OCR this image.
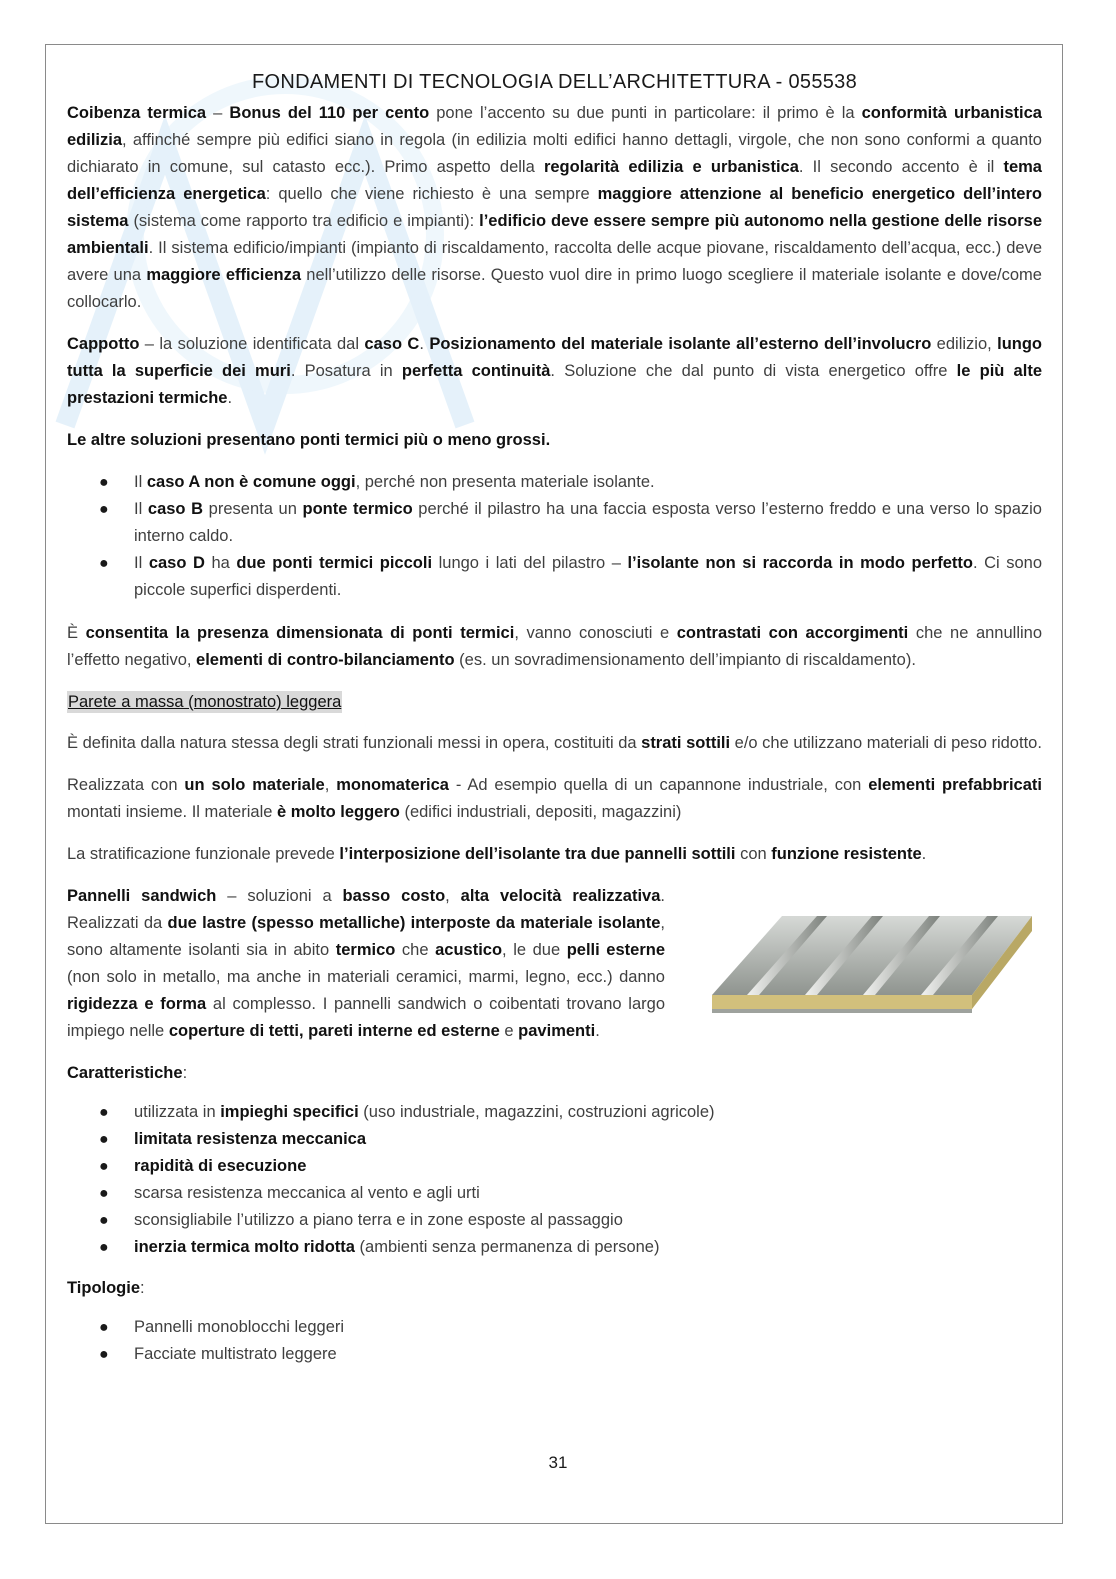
FONDAMENTI DI TECNOLOGIA DELL’ARCHITETTURA - 055538

Coibenza termica – Bonus del 110 per cento pone l’accento su due punti in particolare: il primo è la conformità urbanistica edilizia, affinché sempre più edifici siano in regola (in edilizia molti edifici hanno dettagli, virgole, che non sono conformi a quanto dichiarato in comune, sul catasto ecc.). Primo aspetto della regolarità edilizia e urbanistica. Il secondo accento è il tema dell’efficienza energetica: quello che viene richiesto è una sempre maggiore attenzione al beneficio energetico dell’intero sistema (sistema come rapporto tra edificio e impianti): l’edificio deve essere sempre più autonomo nella gestione delle risorse ambientali. Il sistema edificio/impianti (impianto di riscaldamento, raccolta delle acque piovane, riscaldamento dell’acqua, ecc.) deve avere una maggiore efficienza nell’utilizzo delle risorse. Questo vuol dire in primo luogo scegliere il materiale isolante e dove/come collocarlo.

Cappotto – la soluzione identificata dal caso C. Posizionamento del materiale isolante all’esterno dell’involucro edilizio, lungo tutta la superficie dei muri. Posatura in perfetta continuità. Soluzione che dal punto di vista energetico offre le più alte prestazioni termiche.

Le altre soluzioni presentano ponti termici più o meno grossi.

● Il caso A non è comune oggi, perché non presenta materiale isolante.
● Il caso B presenta un ponte termico perché il pilastro ha una faccia esposta verso l’esterno freddo e una verso lo spazio interno caldo.
● Il caso D ha due ponti termici piccoli lungo i lati del pilastro – l’isolante non si raccorda in modo perfetto. Ci sono piccole superfici disperdenti.

È consentita la presenza dimensionata di ponti termici, vanno conosciuti e contrastati con accorgimenti che ne annullino l’effetto negativo, elementi di contro-bilanciamento (es. un sovradimensionamento dell’impianto di riscaldamento).

Parete a massa (monostrato) leggera

È definita dalla natura stessa degli strati funzionali messi in opera, costituiti da strati sottili e/o che utilizzano materiali di peso ridotto.

Realizzata con un solo materiale, monomaterica - Ad esempio quella di un capannone industriale, con elementi prefabbricati montati insieme. Il materiale è molto leggero (edifici industriali, depositi, magazzini)

La stratificazione funzionale prevede l’interposizione dell’isolante tra due pannelli sottili con funzione resistente.

Pannelli sandwich – soluzioni a basso costo, alta velocità realizzativa. Realizzati da due lastre (spesso metalliche) interposte da materiale isolante, sono altamente isolanti sia in abito termico che acustico, le due pelli esterne (non solo in metallo, ma anche in materiali ceramici, marmi, legno, ecc.) danno rigidezza e forma al complesso. I pannelli sandwich o coibentati trovano largo impiego nelle coperture di tetti, pareti interne ed esterne e pavimenti.

Caratteristiche:

● utilizzata in impieghi specifici (uso industriale, magazzini, costruzioni agricole)
● limitata resistenza meccanica
● rapidità di esecuzione
● scarsa resistenza meccanica al vento e agli urti
● sconsigliabile l’utilizzo a piano terra e in zone esposte al passaggio
● inerzia termica molto ridotta (ambienti senza permanenza di persone)

Tipologie:

● Pannelli monoblocchi leggeri
● Facciate multistrato leggere
31
